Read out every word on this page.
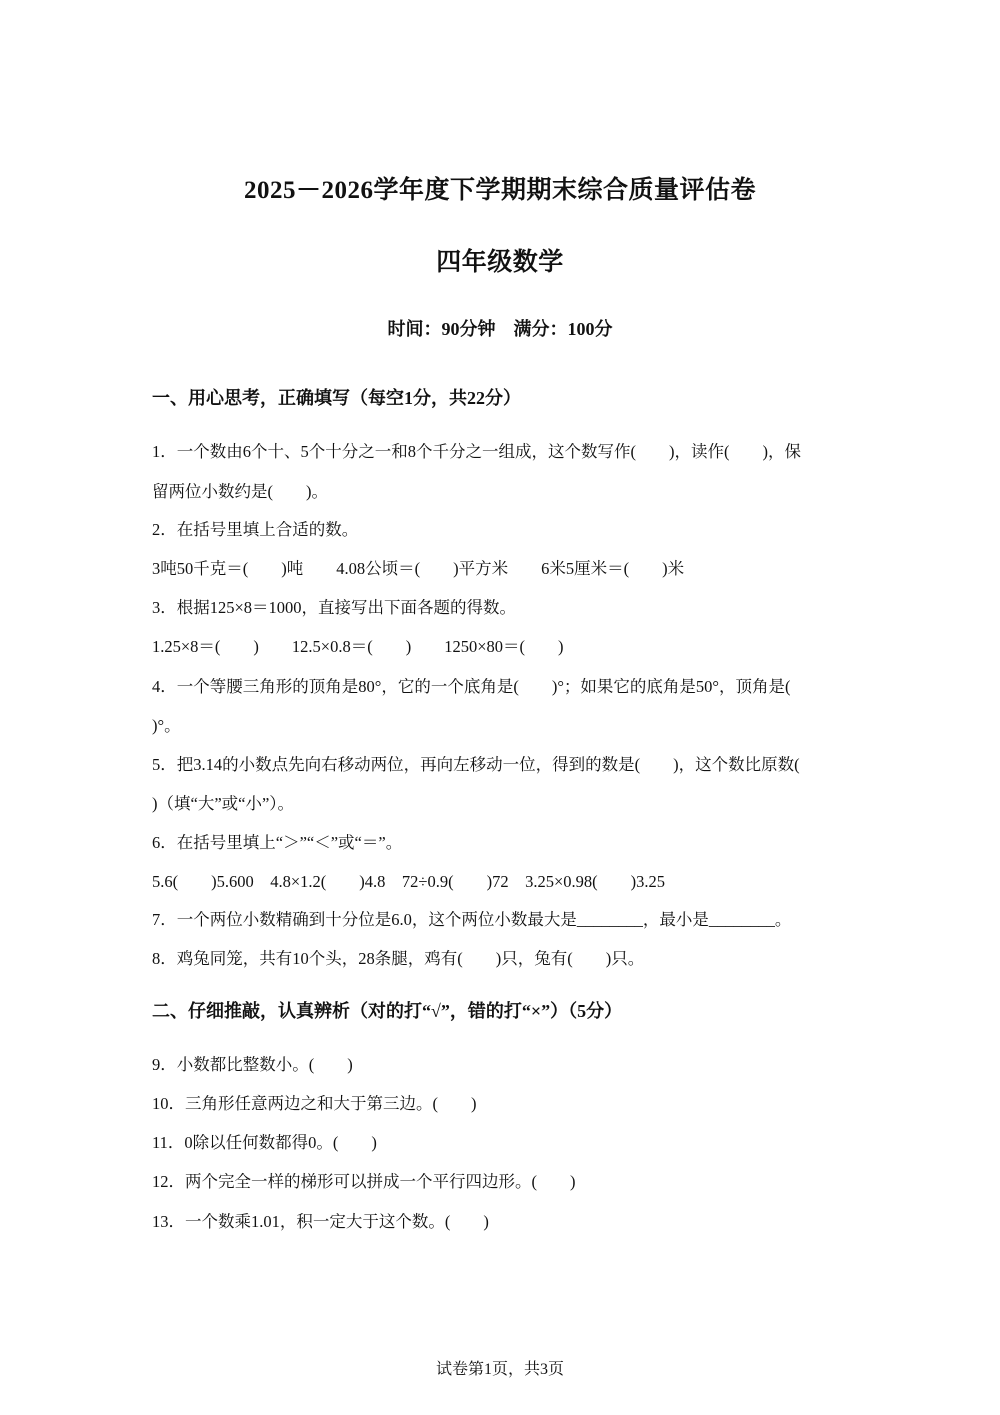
2025－2026学年度下学期期末综合质量评估卷
四年级数学
时间：90分钟　满分：100分
一、用心思考，正确填写（每空1分，共22分）
1．一个数由6个十、5个十分之一和8个千分之一组成，这个数写作(　　)，读作(　　)，保
留两位小数约是(　　)。
2．在括号里填上合适的数。
3吨50千克＝(　　)吨　　4.08公顷＝(　　)平方米　　6米5厘米＝(　　)米
3．根据125×8＝1000，直接写出下面各题的得数。
1.25×8＝(　　)　　12.5×0.8＝(　　)　　1250×80＝(　　)
4．一个等腰三角形的顶角是80°，它的一个底角是(　　)°；如果它的底角是50°，顶角是(
)°。
5．把3.14的小数点先向右移动两位，再向左移动一位，得到的数是(　　)，这个数比原数(
)（填“大”或“小”）。
6．在括号里填上“＞”“＜”或“＝”。
5.6(　　)5.600　4.8×1.2(　　)4.8　72÷0.9(　　)72　3.25×0.98(　　)3.25
7．一个两位小数精确到十分位是6.0，这个两位小数最大是________，最小是________。
8．鸡兔同笼，共有10个头，28条腿，鸡有(　　)只，兔有(　　)只。
二、仔细推敲，认真辨析（对的打“√”，错的打“×”）（5分）
9．小数都比整数小。(　　)
10．三角形任意两边之和大于第三边。(　　)
11．0除以任何数都得0。(　　)
12．两个完全一样的梯形可以拼成一个平行四边形。(　　)
13．一个数乘1.01，积一定大于这个数。(　　)
试卷第1页，共3页
